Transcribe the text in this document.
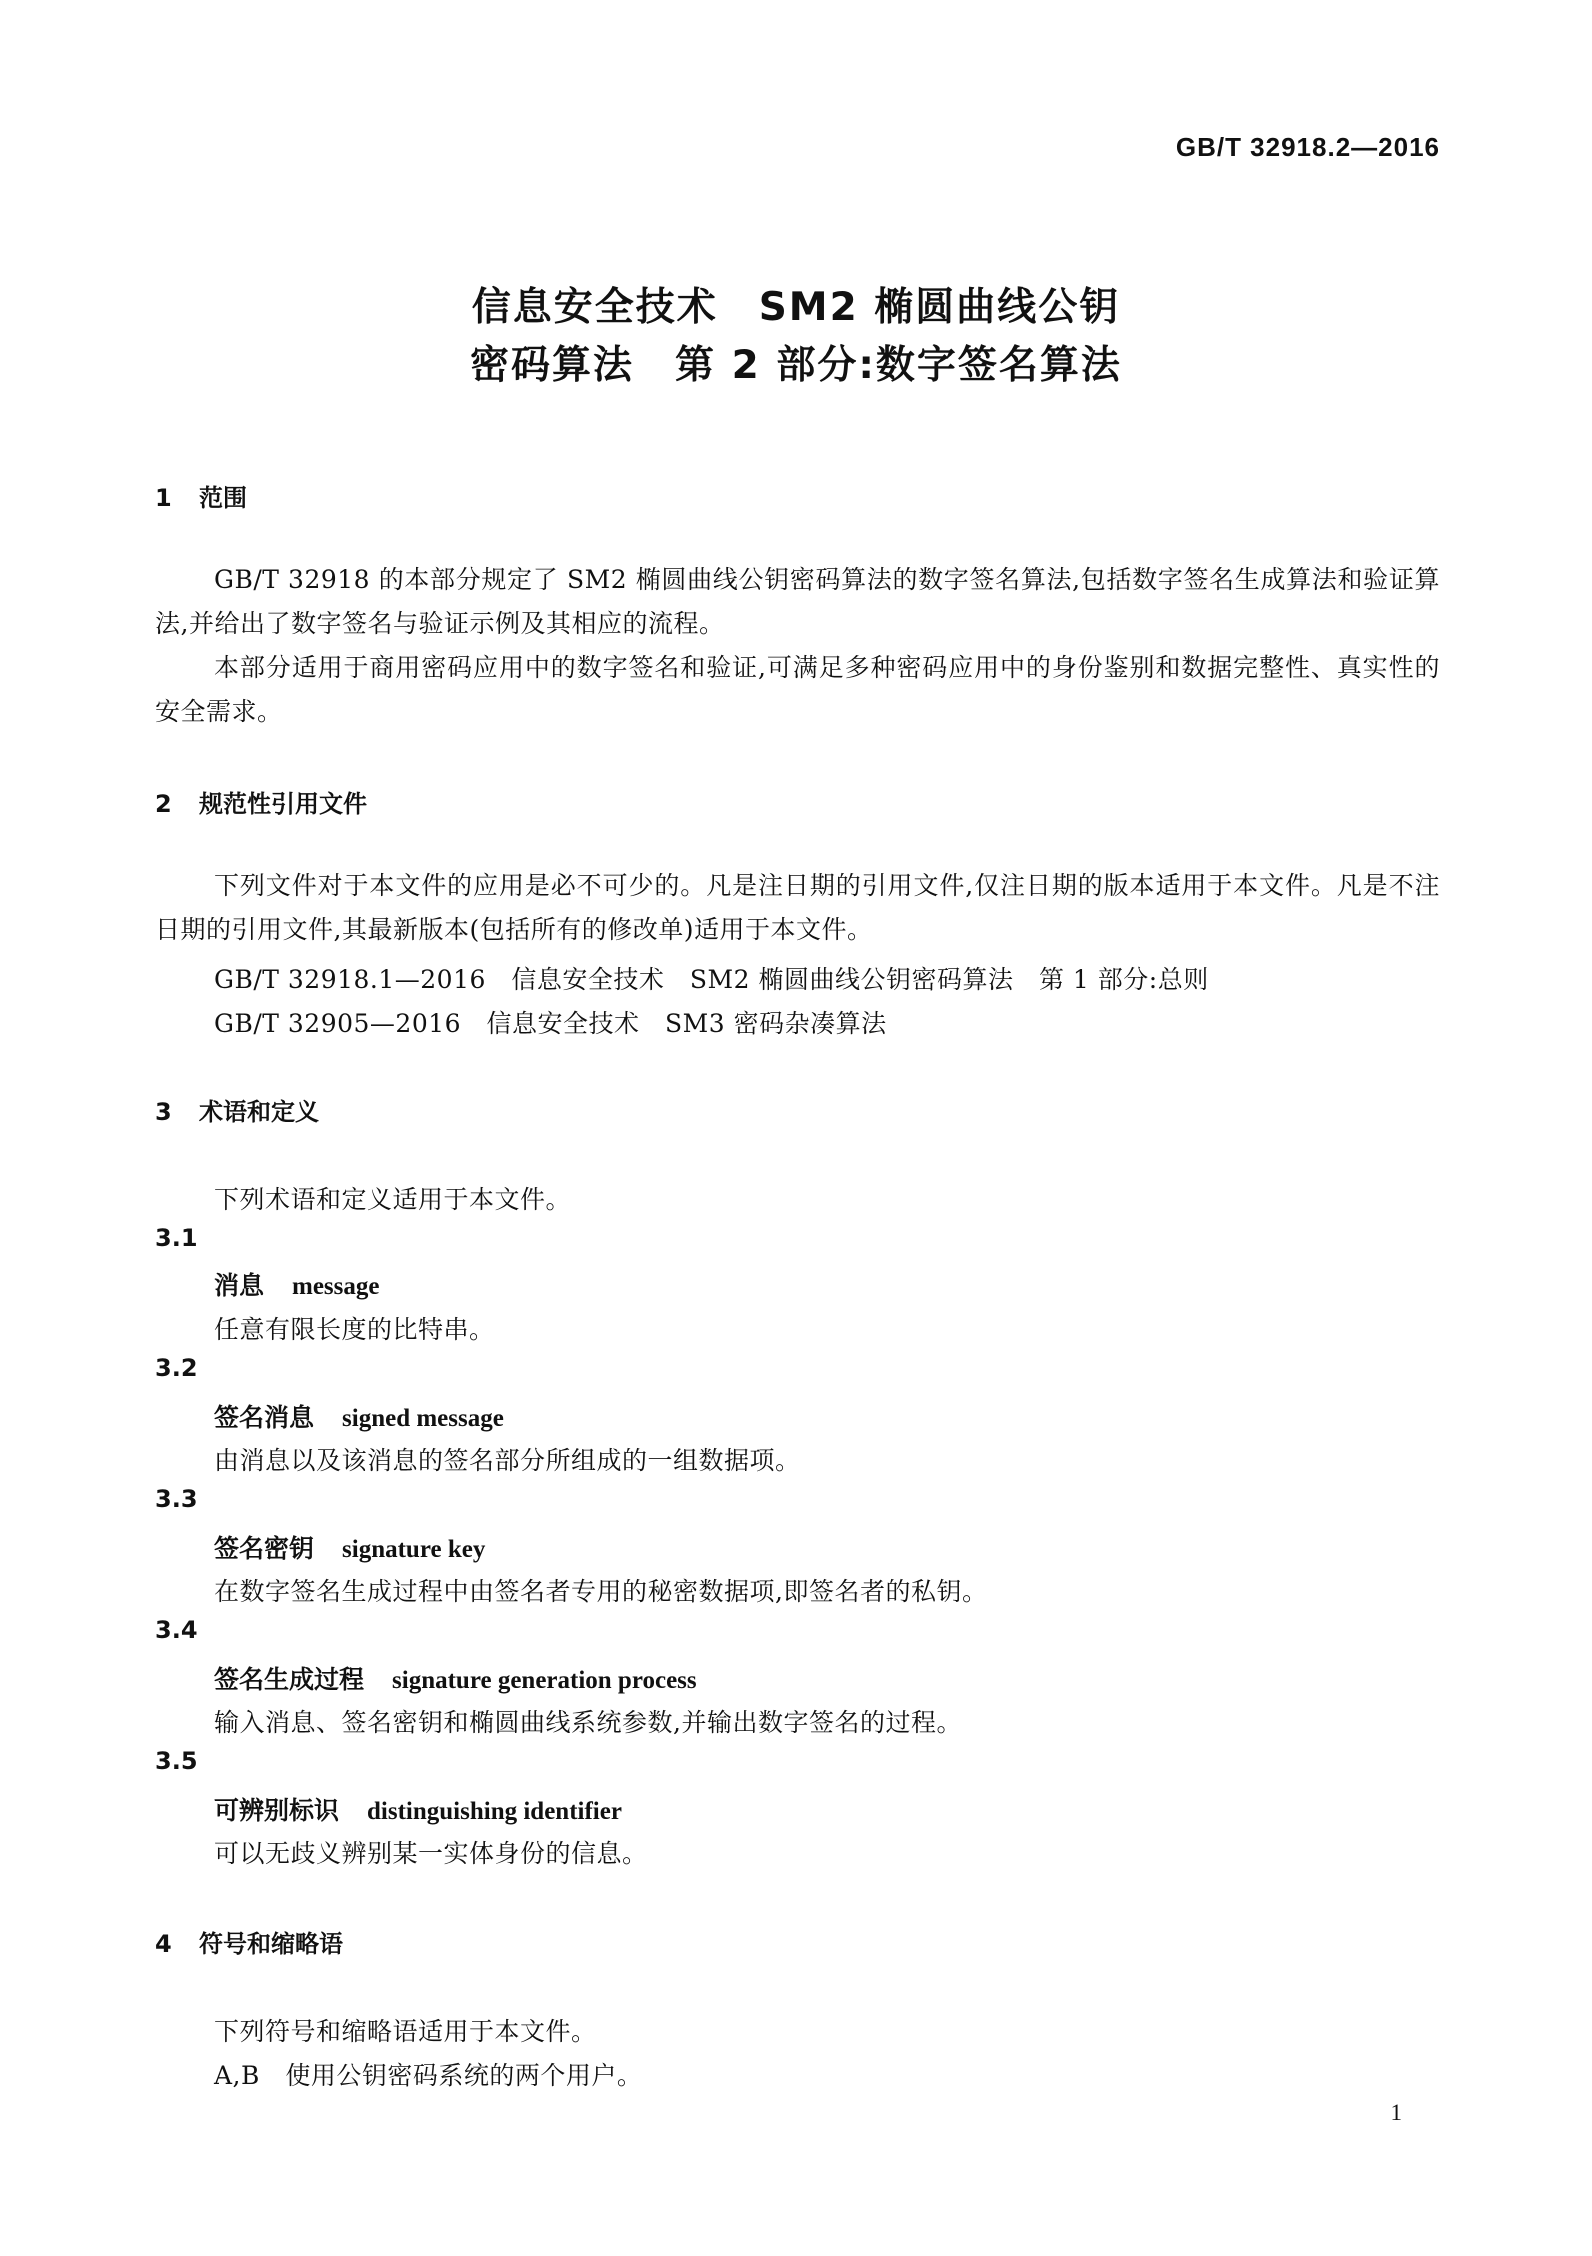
GB/T 32918.2—2016
信息安全技术　SM2 椭圆曲线公钥
密码算法　第 2 部分:数字签名算法
1 范围
GB/T 32918 的本部分规定了 SM2 椭圆曲线公钥密码算法的数字签名算法,包括数字签名生成算法和验证算法,并给出了数字签名与验证示例及其相应的流程。
本部分适用于商用密码应用中的数字签名和验证,可满足多种密码应用中的身份鉴别和数据完整性、真实性的安全需求。
2 规范性引用文件
下列文件对于本文件的应用是必不可少的。凡是注日期的引用文件,仅注日期的版本适用于本文件。凡是不注日期的引用文件,其最新版本(包括所有的修改单)适用于本文件。
GB/T 32918.1—2016　信息安全技术　SM2 椭圆曲线公钥密码算法　第 1 部分:总则
GB/T 32905—2016　信息安全技术　SM3 密码杂凑算法
3 术语和定义
下列术语和定义适用于本文件。
3.1
消息 message
任意有限长度的比特串。
3.2
签名消息 signed message
由消息以及该消息的签名部分所组成的一组数据项。
3.3
签名密钥 signature key
在数字签名生成过程中由签名者专用的秘密数据项,即签名者的私钥。
3.4
签名生成过程 signature generation process
输入消息、签名密钥和椭圆曲线系统参数,并输出数字签名的过程。
3.5
可辨别标识 distinguishing identifier
可以无歧义辨别某一实体身份的信息。
4 符号和缩略语
下列符号和缩略语适用于本文件。
A,B　使用公钥密码系统的两个用户。
1
